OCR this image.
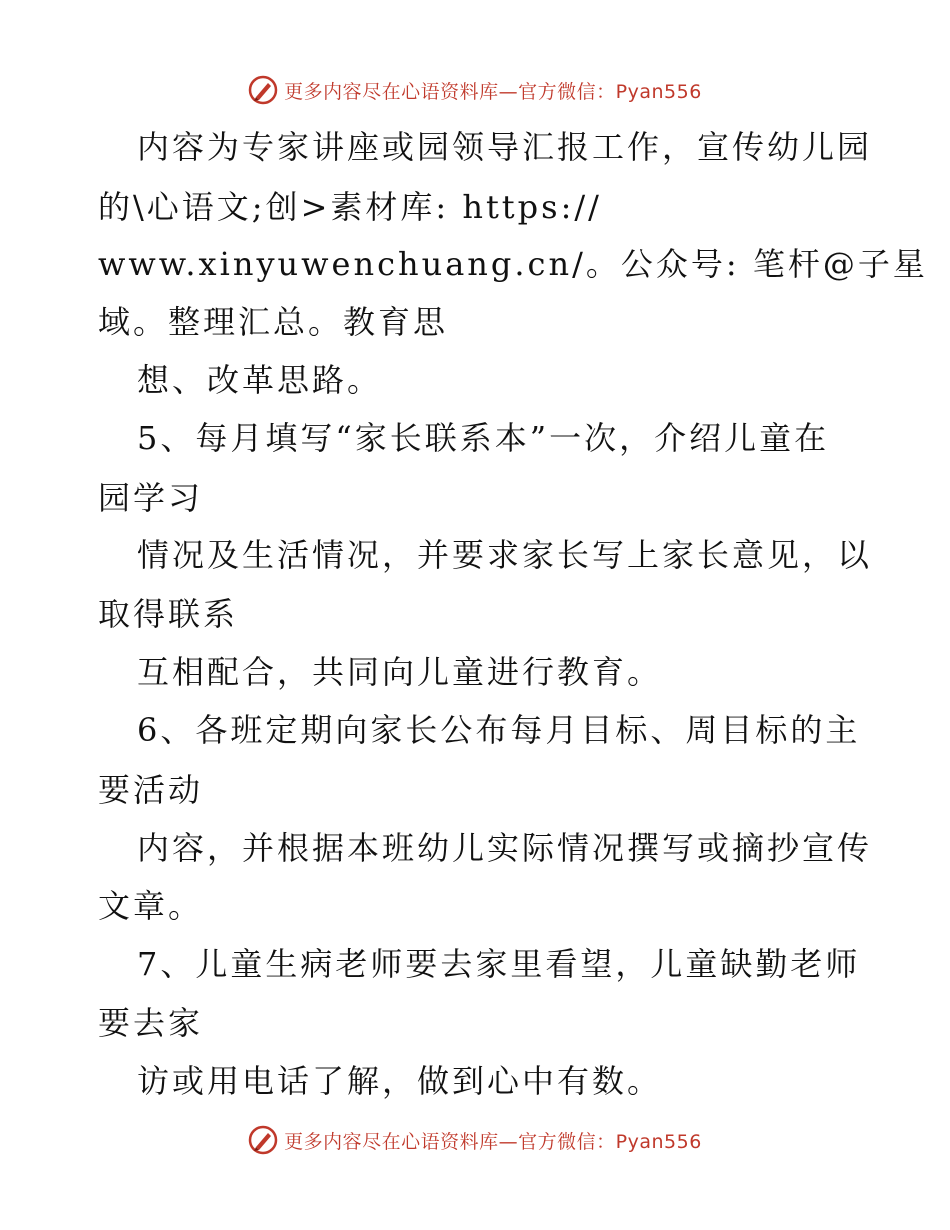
更多内容尽在心语资料库—官方微信：Pyan556
内容为专家讲座或园领导汇报工作，宣传幼儿园
的\心语文;创>素材库: https://
www.xinyuwenchuang.cn/。公众号: 笔杆@子星
域。整理汇总。教育思
想、改革思路。
5、每月填写“家长联系本”一次，介绍儿童在
园学习
情况及生活情况，并要求家长写上家长意见，以
取得联系
互相配合，共同向儿童进行教育。
6、各班定期向家长公布每月目标、周目标的主
要活动
内容，并根据本班幼儿实际情况撰写或摘抄宣传
文章。
7、儿童生病老师要去家里看望，儿童缺勤老师
要去家
访或用电话了解，做到心中有数。
更多内容尽在心语资料库—官方微信：Pyan556
